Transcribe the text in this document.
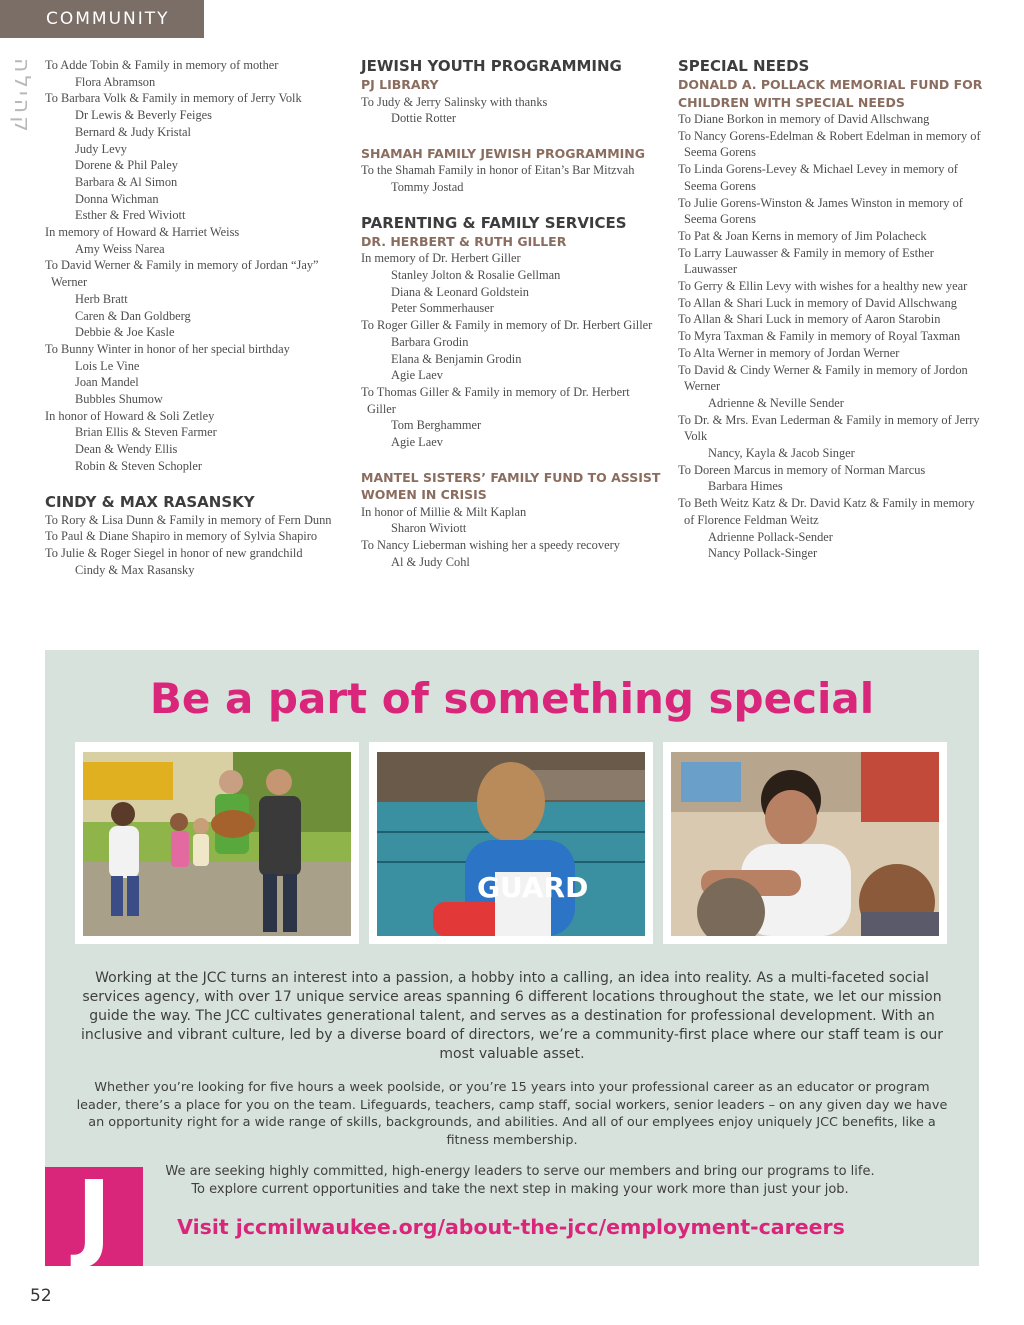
COMMUNITY
קהילה To Adde Tobin & Family in memory of mother
Flora Abramson
To Barbara Volk & Family in memory of Jerry Volk
Dr Lewis & Beverly Feiges
Bernard & Judy Kristal
Judy Levy
Dorene & Phil Paley
Barbara & Al Simon
Donna Wichman
Esther & Fred Wiviott
In memory of Howard & Harriet Weiss
Amy Weiss Narea
To David Werner & Family in memory of Jordan “Jay” Werner
Herb Bratt
Caren & Dan Goldberg
Debbie & Joe Kasle
To Bunny Winter in honor of her special birthday
Lois Le Vine
Joan Mandel
Bubbles Shumow
In honor of Howard & Soli Zetley
Brian Ellis & Steven Farmer
Dean & Wendy Ellis
Robin & Steven Schopler
CINDY & MAX RASANSKY
To Rory & Lisa Dunn & Family in memory of Fern Dunn
To Paul & Diane Shapiro in memory of Sylvia Shapiro
To Julie & Roger Siegel in honor of new grandchild
Cindy & Max Rasansky
JEWISH YOUTH PROGRAMMING
PJ LIBRARY
To Judy & Jerry Salinsky with thanks
Dottie Rotter
SHAMAH FAMILY JEWISH PROGRAMMING
To the Shamah Family in honor of Eitan’s Bar Mitzvah
Tommy Jostad
PARENTING & FAMILY SERVICES
DR. HERBERT & RUTH GILLER
In memory of Dr. Herbert Giller
Stanley Jolton & Rosalie Gellman
Diana & Leonard Goldstein
Peter Sommerhauser
To Roger Giller & Family in memory of Dr. Herbert Giller
Barbara Grodin
Elana & Benjamin Grodin
Agie Laev
To Thomas Giller & Family in memory of Dr. Herbert Giller
Tom Berghammer
Agie Laev
MANTEL SISTERS’ FAMILY FUND TO ASSIST WOMEN IN CRISIS
In honor of Millie & Milt Kaplan
Sharon Wiviott
To Nancy Lieberman wishing her a speedy recovery
Al & Judy Cohl
SPECIAL NEEDS
DONALD A. POLLACK MEMORIAL FUND FOR CHILDREN WITH SPECIAL NEEDS
To Diane Borkon in memory of David Allschwang
To Nancy Gorens-Edelman & Robert Edelman in memory of Seema Gorens
To Linda Gorens-Levey & Michael Levey in memory of Seema Gorens
To Julie Gorens-Winston & James Winston in memory of Seema Gorens
To Pat & Joan Kerns in memory of Jim Polacheck
To Larry Lauwasser & Family in memory of Esther Lauwasser
To Gerry & Ellin Levy with wishes for a healthy new year
To Allan & Shari Luck in memory of David Allschwang
To Allan & Shari Luck in memory of Aaron Starobin
To Myra Taxman & Family in memory of Royal Taxman
To Alta Werner in memory of Jordan Werner
To David & Cindy Werner & Family in memory of Jordon Werner
Adrienne & Neville Sender
To Dr. & Mrs. Evan Lederman & Family in memory of Jerry Volk
Nancy, Kayla & Jacob Singer
To Doreen Marcus in memory of Norman Marcus
Barbara Himes
To Beth Weitz Katz & Dr. David Katz & Family in memory of Florence Feldman Weitz
Adrienne Pollack-Sender
Nancy Pollack-Singer
Be a part of something special
GUARD
Working at the JCC turns an interest into a passion, a hobby into a calling, an idea into reality. As a multi-faceted social services agency, with over 17 unique service areas spanning 6 different locations throughout the state, we let our mission guide the way. The JCC cultivates generational talent, and serves as a destination for professional development. With an inclusive and vibrant culture, led by a diverse board of directors, we’re a community-first place where our staff team is our most valuable asset.
Whether you’re looking for five hours a week poolside, or you’re 15 years into your professional career as an educator or program leader, there’s a place for you on the team. Lifeguards, teachers, camp staff, social workers, senior leaders – on any given day we have an opportunity right for a wide range of skills, backgrounds, and abilities. And all of our emplyees enjoy uniquely JCC benefits, like a fitness membership.
We are seeking highly committed, high-energy leaders to serve our members and bring our programs to life.
To explore current opportunities and take the next step in making your work more than just your job.
J	Visit jccmilwaukee.org/about-the-jcc/employment-careers
52
